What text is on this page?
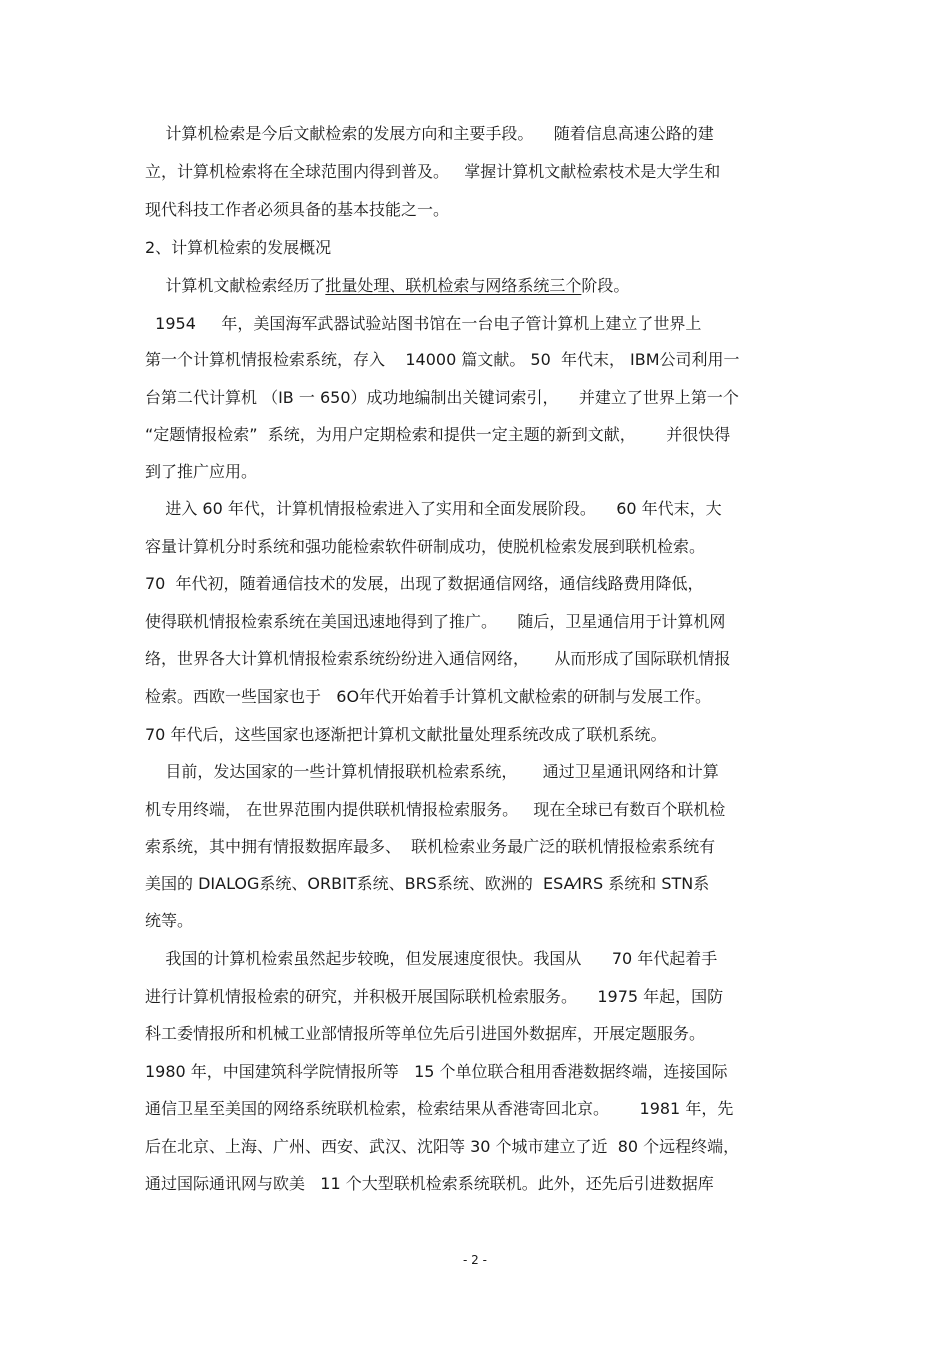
计算机检索是今后文献检索的发展方向和主要手段。    随着信息高速公路的建
立，计算机检索将在全球范围内得到普及。   掌握计算机文献检索枝术是大学生和
现代科技工作者必须具备的基本技能之一。
2、计算机检索的发展概况
计算机文献检索经历了批量处理、联机检索与网络系统三个阶段。
1954     年，美国海军武器试验站图书馆在一台电子管计算机上建立了世界上
第一个计算机情报检索系统，存入    14000 篇文献。 50  年代末， IBM公司利用一
台第二代计算机 （IB 一 650）成功地编制出关键词索引，    并建立了世界上第一个
“定题情报检索”  系统，为用户定期检索和提供一定主题的新到文献，      并很快得
到了推广应用。
进入 60 年代，计算机情报检索进入了实用和全面发展阶段。    60 年代末，大
容量计算机分时系统和强功能检索软件研制成功，使脱机检索发展到联机检索。
70  年代初，随着通信技术的发展，出现了数据通信网络，通信线路费用降低，
使得联机情报检索系统在美国迅速地得到了推广。    随后，卫星通信用于计算机网
络，世界各大计算机情报检索系统纷纷进入通信网络，     从而形成了国际联机情报
检索。西欧一些国家也于   6O年代开始着手计算机文献检索的研制与发展工作。
70 年代后，这些国家也逐渐把计算机文献批量处理系统改成了联机系统。
目前，发达国家的一些计算机情报联机检索系统，     通过卫星通讯网络和计算
机专用终端， 在世界范围内提供联机情报检索服务。   现在全球已有数百个联机检
索系统，其中拥有情报数据库最多、  联机检索业务最广泛的联机情报检索系统有
美国的 DIALOG系统、ORBIT系统、BRS系统、欧洲的  ESA⁄IRS 系统和 STN系
统等。
我国的计算机检索虽然起步较晚，但发展速度很快。我国从      70 年代起着手
进行计算机情报检索的研究，并积极开展国际联机检索服务。    1975 年起，国防
科工委情报所和机械工业部情报所等单位先后引进国外数据库，开展定题服务。
1980 年，中国建筑科学院情报所等   15 个单位联合租用香港数据终端，连接国际
通信卫星至美国的网络系统联机检索，检索结果从香港寄回北京。      1981 年，先
后在北京、上海、广州、西安、武汉、沈阳等 30 个城市建立了近  80 个远程终端，
通过国际通讯网与欧美   11 个大型联机检索系统联机。此外，还先后引进数据库
- 2 -
